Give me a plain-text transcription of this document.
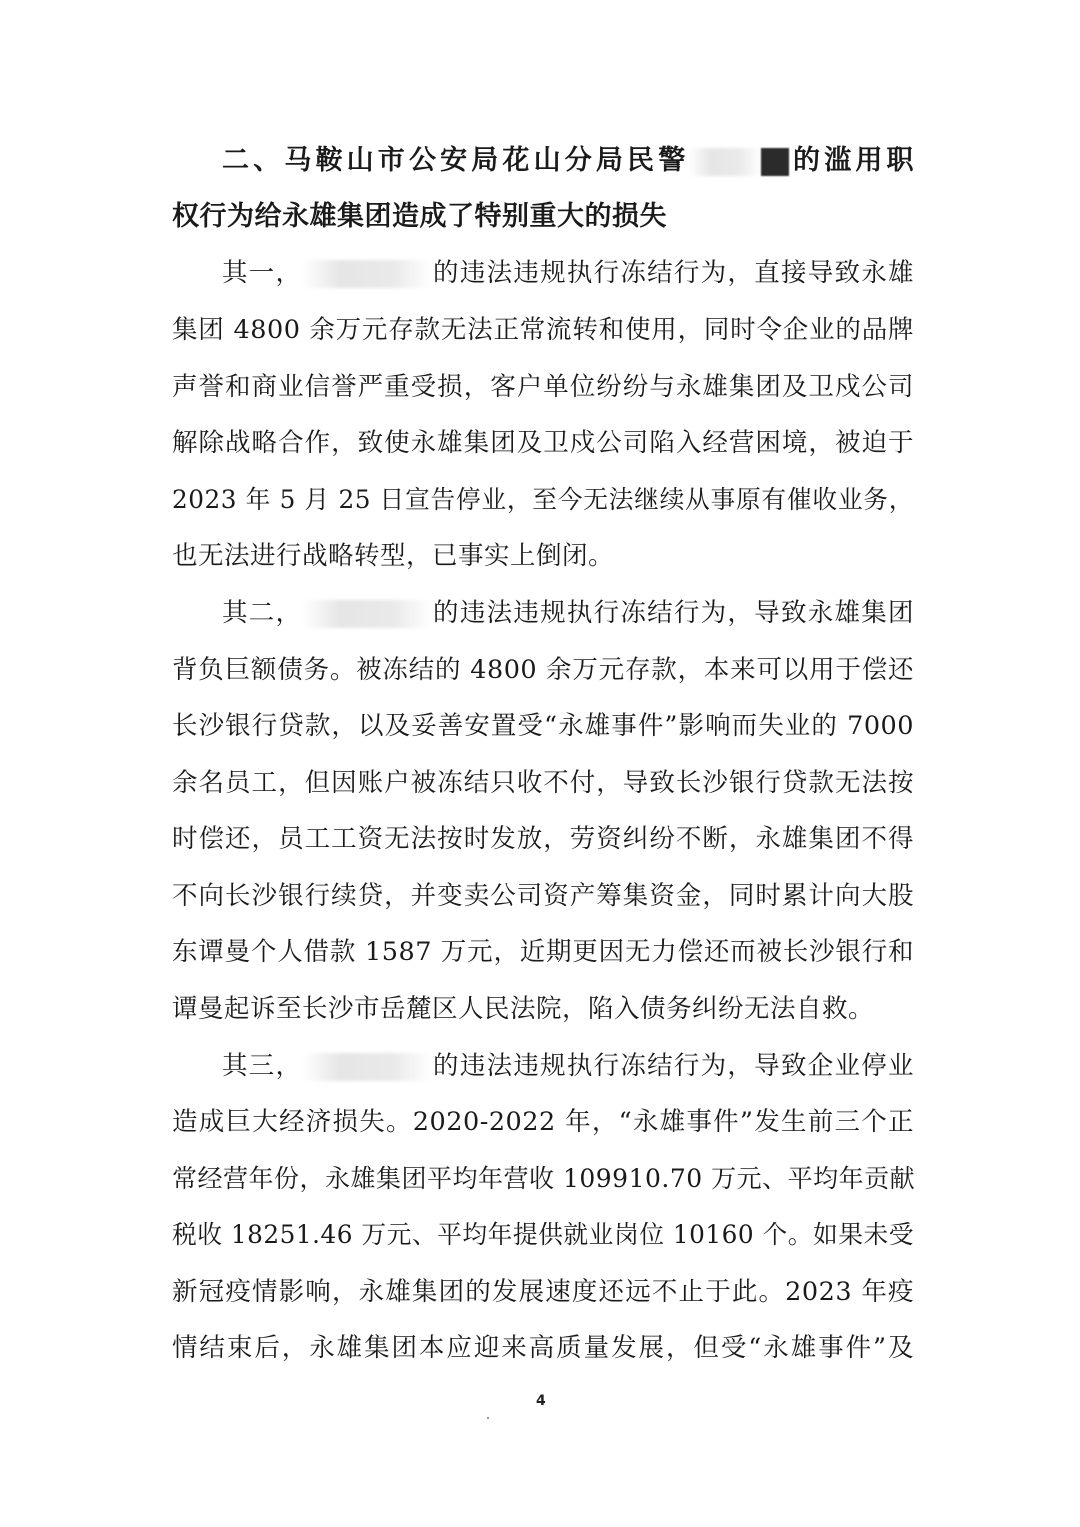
二、马鞍山市公安局花山分局民警	的滥用职
权行为给永雄集团造成了特别重大的损失
其一，	的违法违规执行冻结行为，直接导致永雄
集团 4800 余万元存款无法正常流转和使用，同时令企业的品牌
声誉和商业信誉严重受损，客户单位纷纷与永雄集团及卫戍公司
解除战略合作，致使永雄集团及卫戍公司陷入经营困境，被迫于
2023 年 5 月 25 日宣告停业，至今无法继续从事原有催收业务，
也无法进行战略转型，已事实上倒闭。
其二，	的违法违规执行冻结行为，导致永雄集团
背负巨额债务。被冻结的 4800 余万元存款，本来可以用于偿还
长沙银行贷款，以及妥善安置受“永雄事件”影响而失业的 7000
余名员工，但因账户被冻结只收不付，导致长沙银行贷款无法按
时偿还，员工工资无法按时发放，劳资纠纷不断，永雄集团不得
不向长沙银行续贷，并变卖公司资产筹集资金，同时累计向大股
东谭曼个人借款 1587 万元，近期更因无力偿还而被长沙银行和
谭曼起诉至长沙市岳麓区人民法院，陷入债务纠纷无法自救。
其三，	的违法违规执行冻结行为，导致企业停业
造成巨大经济损失。2020-2022 年，“永雄事件”发生前三个正
常经营年份，永雄集团平均年营收 109910.70 万元、平均年贡献
税收 18251.46 万元、平均年提供就业岗位 10160 个。如果未受
新冠疫情影响，永雄集团的发展速度还远不止于此。2023 年疫
情结束后，永雄集团本应迎来高质量发展，但受“永雄事件”及
4
